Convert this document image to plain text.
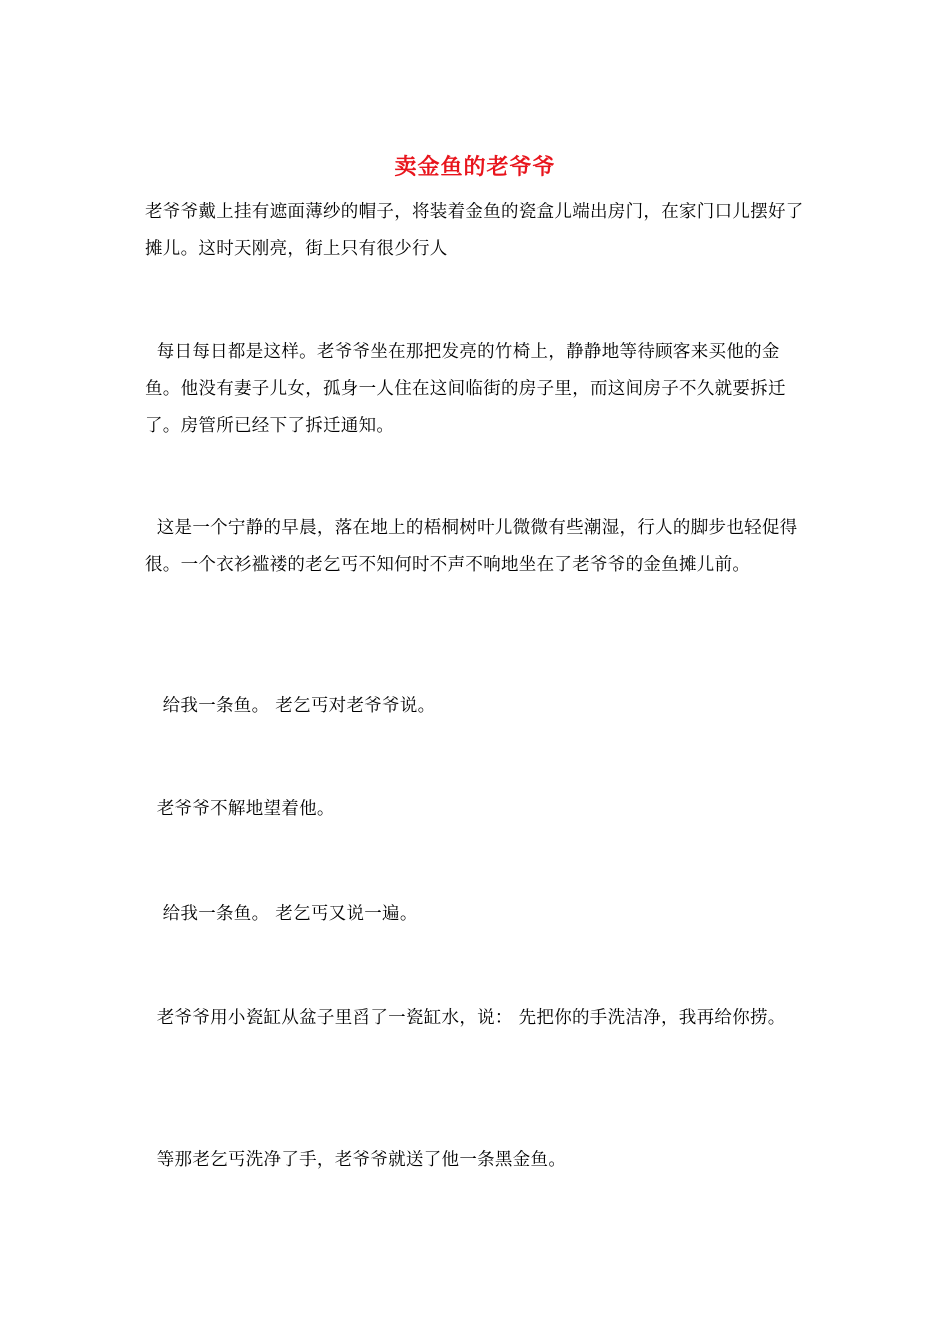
卖金鱼的老爷爷

老爷爷戴上挂有遮面薄纱的帽子，将装着金鱼的瓷盒儿端出房门，在家门口儿摆好了摊儿。这时天刚亮，街上只有很少行人

每日每日都是这样。老爷爷坐在那把发亮的竹椅上，静静地等待顾客来买他的金鱼。他没有妻子儿女，孤身一人住在这间临街的房子里，而这间房子不久就要拆迁了。房管所已经下了拆迁通知。

这是一个宁静的早晨，落在地上的梧桐树叶儿微微有些潮湿，行人的脚步也轻促得很。一个衣衫褴褛的老乞丐不知何时不声不响地坐在了老爷爷的金鱼摊儿前。

给我一条鱼。 老乞丐对老爷爷说。

老爷爷不解地望着他。

给我一条鱼。 老乞丐又说一遍。

老爷爷用小瓷缸从盆子里舀了一瓷缸水，说： 先把你的手洗洁净，我再给你捞。

等那老乞丐洗净了手，老爷爷就送了他一条黑金鱼。
